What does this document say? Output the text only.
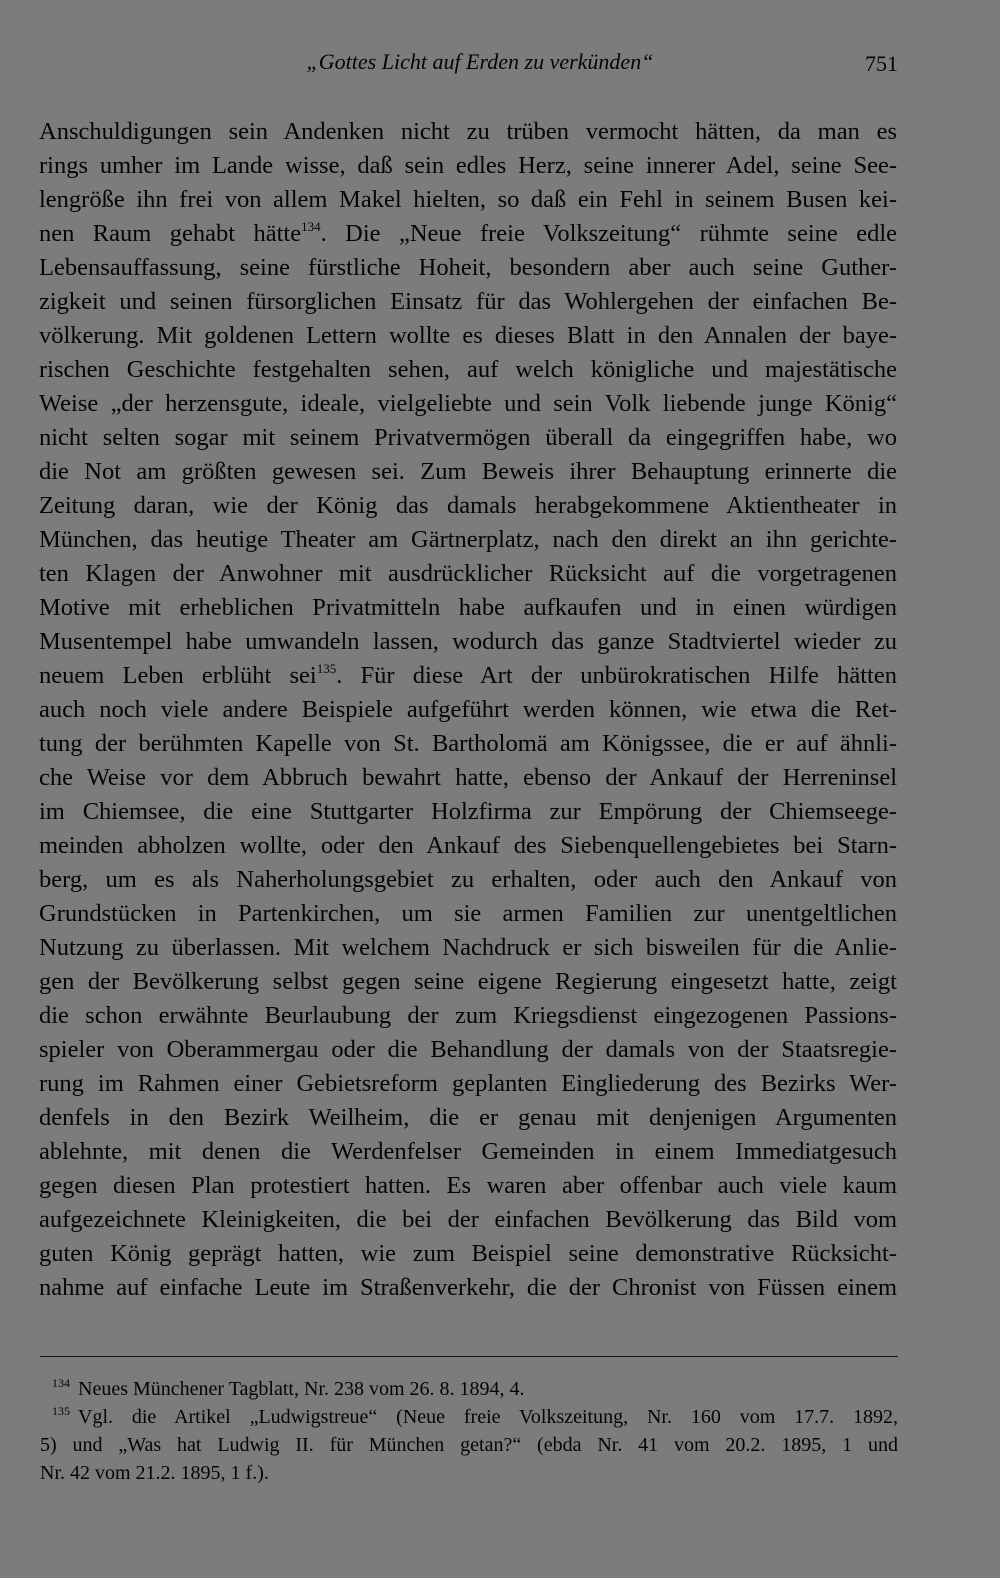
„Gottes Licht auf Erden zu verkünden“	751
Anschuldigungen sein Andenken nicht zu trüben vermocht hätten, da man es
rings umher im Lande wisse, daß sein edles Herz, seine innerer Adel, seine See-
lengröße ihn frei von allem Makel hielten, so daß ein Fehl in seinem Busen kei-
nen Raum gehabt hätte$^{134}$. Die „Neue freie Volkszeitung“ rühmte seine edle
Lebensauffassung, seine fürstliche Hoheit, besondern aber auch seine Guther-
zigkeit und seinen fürsorglichen Einsatz für das Wohlergehen der einfachen Be-
völkerung. Mit goldenen Lettern wollte es dieses Blatt in den Annalen der baye-
rischen Geschichte festgehalten sehen, auf welch königliche und majestätische
Weise „der herzensgute, ideale, vielgeliebte und sein Volk liebende junge König“
nicht selten sogar mit seinem Privatvermögen überall da eingegriffen habe, wo
die Not am größten gewesen sei. Zum Beweis ihrer Behauptung erinnerte die
Zeitung daran, wie der König das damals herabgekommene Aktientheater in
München, das heutige Theater am Gärtnerplatz, nach den direkt an ihn gerichte-
ten Klagen der Anwohner mit ausdrücklicher Rücksicht auf die vorgetragenen
Motive mit erheblichen Privatmitteln habe aufkaufen und in einen würdigen
Musentempel habe umwandeln lassen, wodurch das ganze Stadtviertel wieder zu
neuem Leben erblüht sei$^{135}$. Für diese Art der unbürokratischen Hilfe hätten
auch noch viele andere Beispiele aufgeführt werden können, wie etwa die Ret-
tung der berühmten Kapelle von St. Bartholomä am Königssee, die er auf ähnli-
che Weise vor dem Abbruch bewahrt hatte, ebenso der Ankauf der Herreninsel
im Chiemsee, die eine Stuttgarter Holzfirma zur Empörung der Chiemseege-
meinden abholzen wollte, oder den Ankauf des Siebenquellengebietes bei Starn-
berg, um es als Naherholungsgebiet zu erhalten, oder auch den Ankauf von
Grundstücken in Partenkirchen, um sie armen Familien zur unentgeltlichen
Nutzung zu überlassen. Mit welchem Nachdruck er sich bisweilen für die Anlie-
gen der Bevölkerung selbst gegen seine eigene Regierung eingesetzt hatte, zeigt
die schon erwähnte Beurlaubung der zum Kriegsdienst eingezogenen Passions-
spieler von Oberammergau oder die Behandlung der damals von der Staatsregie-
rung im Rahmen einer Gebietsreform geplanten Eingliederung des Bezirks Wer-
denfels in den Bezirk Weilheim, die er genau mit denjenigen Argumenten
ablehnte, mit denen die Werdenfelser Gemeinden in einem Immediatgesuch
gegen diesen Plan protestiert hatten. Es waren aber offenbar auch viele kaum
aufgezeichnete Kleinigkeiten, die bei der einfachen Bevölkerung das Bild vom
guten König geprägt hatten, wie zum Beispiel seine demonstrative Rücksicht-
nahme auf einfache Leute im Straßenverkehr, die der Chronist von Füssen einem
$^{134}$ Neues Münchener Tagblatt, Nr. 238 vom 26. 8. 1894, 4.
$^{135}$ Vgl. die Artikel „Ludwigstreue“ (Neue freie Volkszeitung, Nr. 160 vom 17.7. 1892,
5) und „Was hat Ludwig II. für München getan?“ (ebda Nr. 41 vom 20.2. 1895, 1 und
Nr. 42 vom 21.2. 1895, 1 f.).
